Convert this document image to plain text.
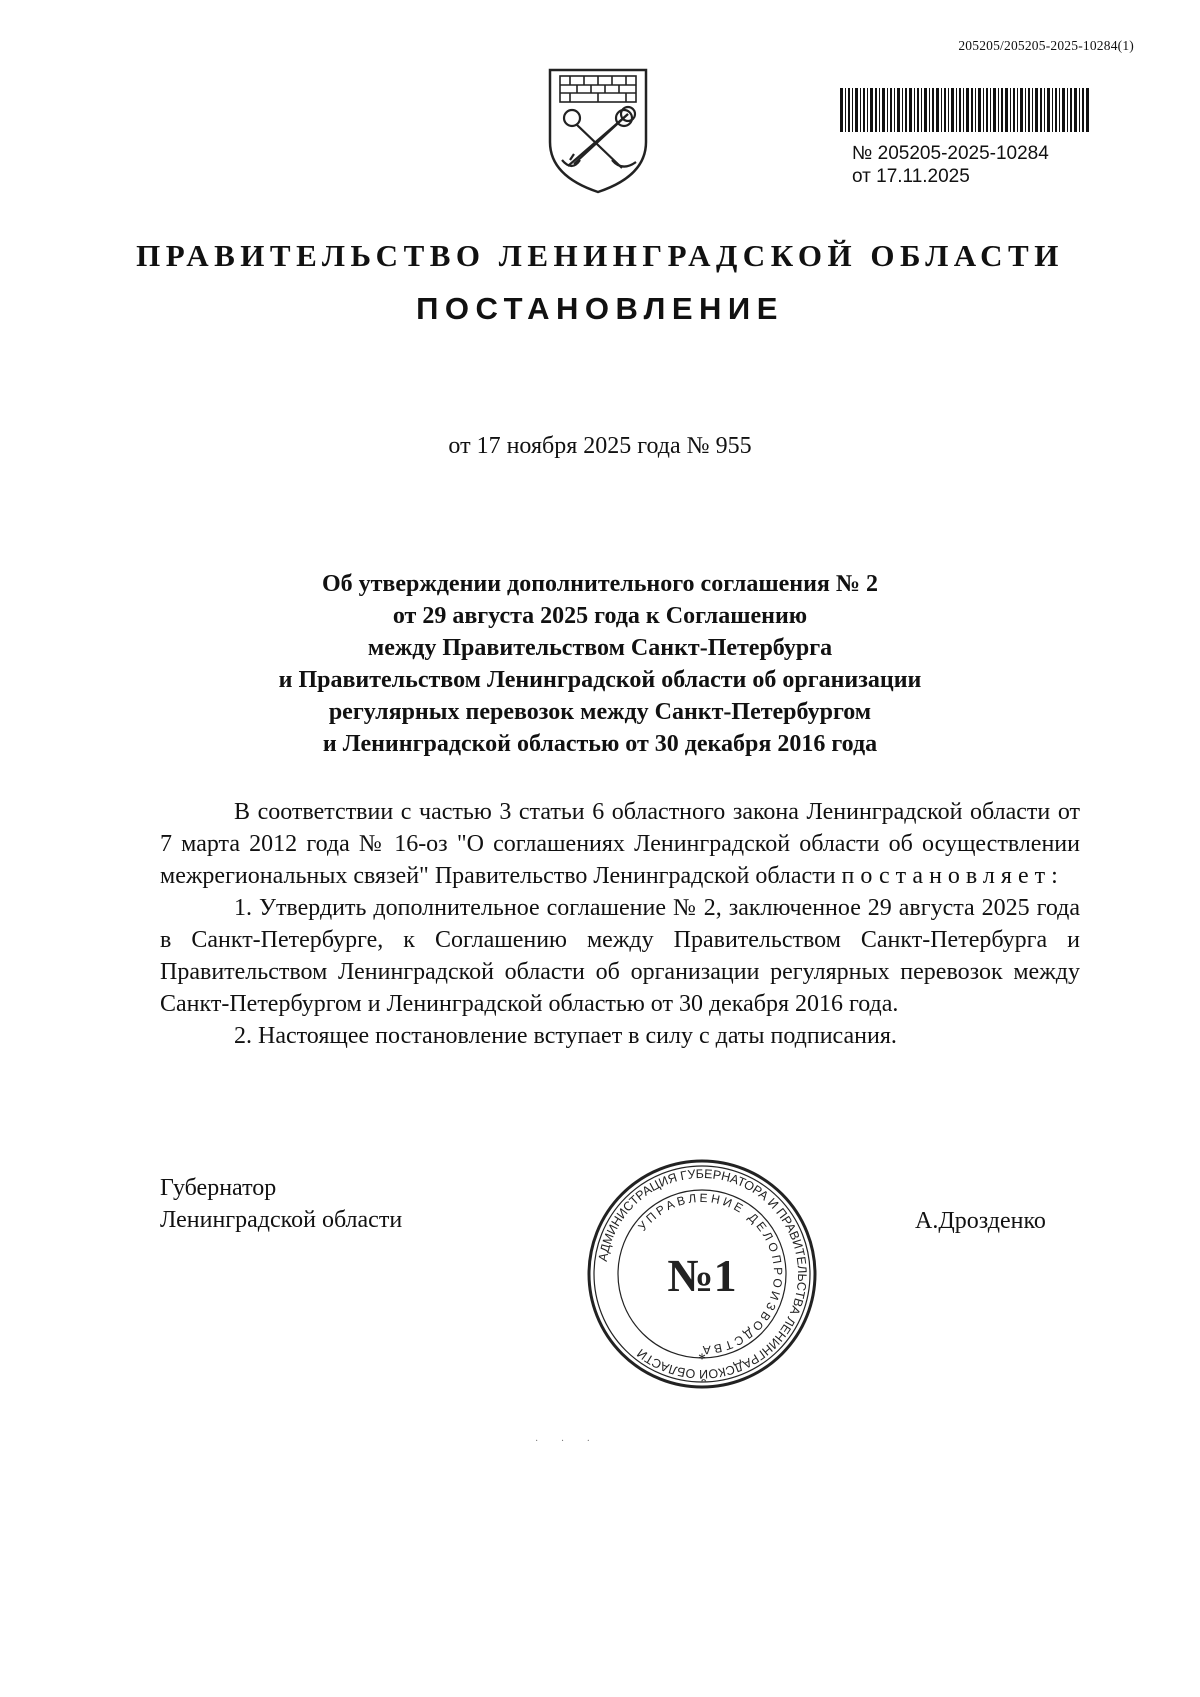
205205/205205-2025-10284(1)
№ 205205-2025-10284
от 17.11.2025
ПРАВИТЕЛЬСТВО ЛЕНИНГРАДСКОЙ ОБЛАСТИ
ПОСТАНОВЛЕНИЕ
от 17 ноября 2025 года № 955
Об утверждении дополнительного соглашения № 2
от 29 августа 2025 года к Соглашению
между Правительством Санкт-Петербурга
и Правительством Ленинградской области об организации
регулярных перевозок между Санкт-Петербургом
и Ленинградской областью от 30 декабря 2016 года

В соответствии с частью 3 статьи 6 областного закона Ленинградской области от 7 марта 2012 года № 16-оз "О соглашениях Ленинградской области об осуществлении межрегиональных связей" Правительство Ленинградской области постановляет:

1. Утвердить дополнительное соглашение № 2, заключенное 29 августа 2025 года в Санкт-Петербурге, к Соглашению между Правительством Санкт-Петербурга и Правительством Ленинградской области об организации регулярных перевозок между Санкт-Петербургом и Ленинградской областью от 30 декабря 2016 года.

2. Настоящее постановление вступает в силу с даты подписания.

Губернатор
Ленинградской области	А.Дрозденко
АДМИНИСТРАЦИЯ ГУБЕРНАТОРА И ПРАВИТЕЛЬСТВА ЛЕНИНГРАДСКОЙ ОБЛАСТИ
УПРАВЛЕНИЕ ДЕЛОПРОИЗВОДСТВА
№1
*
· · ·
